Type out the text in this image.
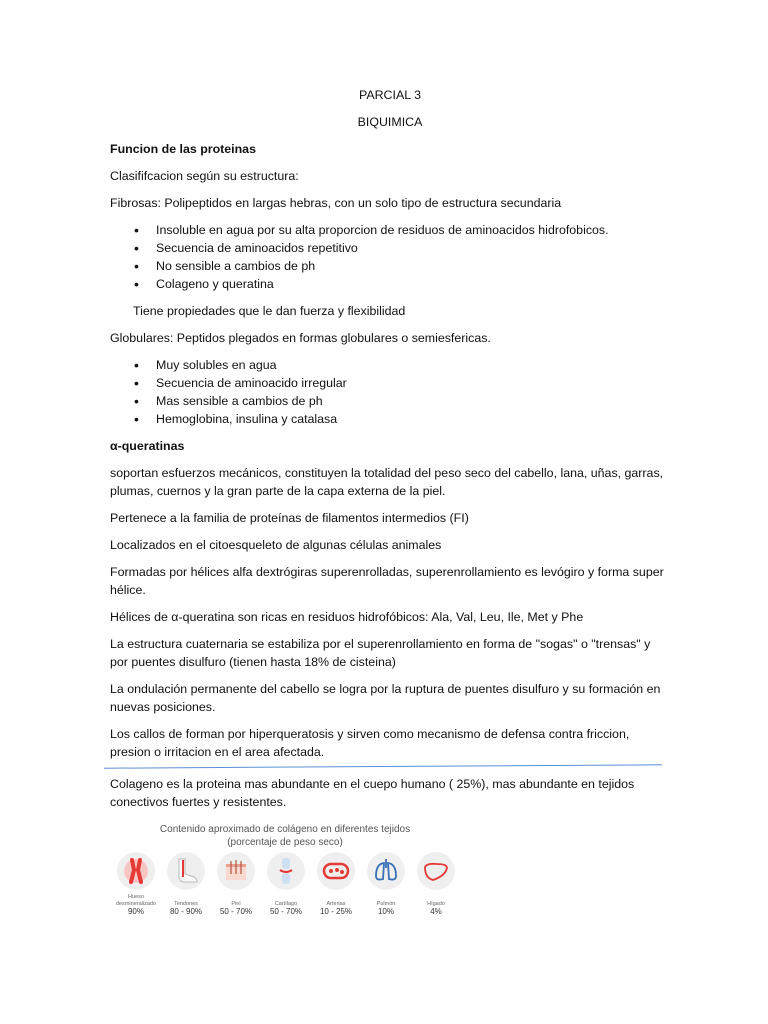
PARCIAL 3

BIQUIMICA

Funcion de las proteinas

Clasififcacion según su estructura:

Fibrosas: Polipeptidos en largas hebras, con un solo tipo de estructura secundaria

• Insoluble en agua por su alta proporcion de residuos de aminoacidos hidrofobicos.
• Secuencia de aminoacidos repetitivo
• No sensible a cambios de ph
• Colageno y queratina

Tiene propiedades que le dan fuerza y flexibilidad

Globulares: Peptidos plegados en formas globulares o semiesfericas.

• Muy solubles en agua
• Secuencia de aminoacido irregular
• Mas sensible a cambios de ph
• Hemoglobina, insulina y catalasa

α-queratinas

soportan esfuerzos mecánicos, constituyen la totalidad del peso seco del cabello, lana, uñas, garras, plumas, cuernos y la gran parte de la capa externa de la piel.

Pertenece a la familia de proteínas de filamentos intermedios (FI)

Localizados en el citoesqueleto de algunas células animales

Formadas por hélices alfa dextrógiras superenrolladas, superenrollamiento es levógiro y forma super hélice.

Hélices de α-queratina son ricas en residuos hidrofóbicos: Ala, Val, Leu, Ile, Met y Phe

La estructura cuaternaria se estabiliza por el superenrollamiento en forma de "sogas" o "trensas" y por puentes disulfuro (tienen hasta 18% de cisteina)

La ondulación permanente del cabello se logra por la ruptura de puentes disulfuro y su formación en nuevas posiciones.

Los callos de forman por hiperqueratosis y sirven como mecanismo de defensa contra friccion, presion o irritacion en el area afectada.

Colageno es la proteina mas abundante en el cuepo humano ( 25%), mas abundante en tejidos conectivos fuertes y resistentes.

Contenido aproximado de colágeno en diferentes tejidos
(porcentaje de peso seco)
Hueso desmineralizado
90%
Tendones
80 - 90%
Piel
50 - 70%
Cartílago
50 - 70%
Arterias
10 - 25%
Pulmón
10%
Hígado
4%
